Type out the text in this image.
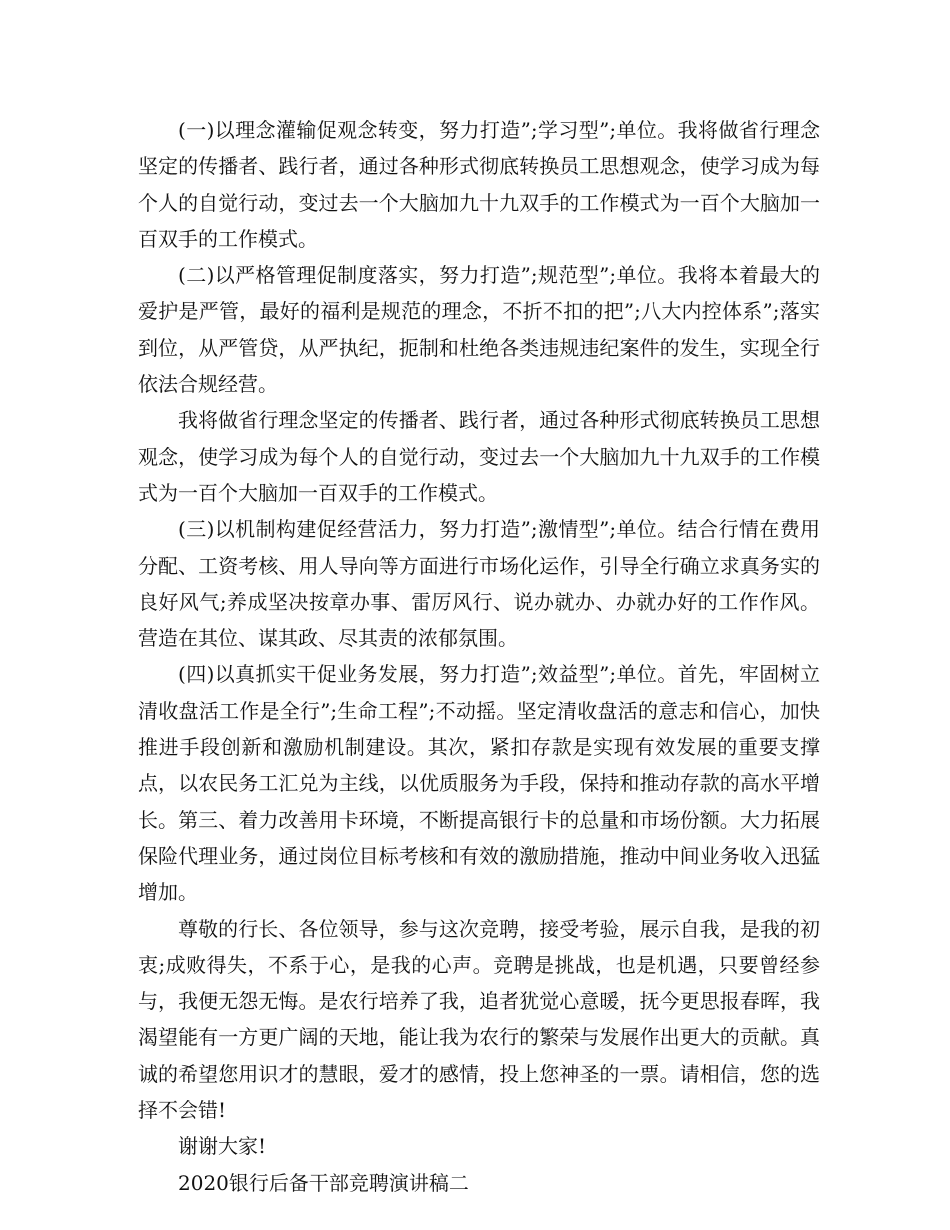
(一)以理念灌输促观念转变，努力打造”;学习型”;单位。我将做省行理念坚定的传播者、践行者，通过各种形式彻底转换员工思想观念，使学习成为每个人的自觉行动，变过去一个大脑加九十九双手的工作模式为一百个大脑加一百双手的工作模式。

(二)以严格管理促制度落实，努力打造”;规范型”;单位。我将本着最大的爱护是严管，最好的福利是规范的理念，不折不扣的把”;八大内控体系”;落实到位，从严管贷，从严执纪，扼制和杜绝各类违规违纪案件的发生，实现全行依法合规经营。

我将做省行理念坚定的传播者、践行者，通过各种形式彻底转换员工思想观念，使学习成为每个人的自觉行动，变过去一个大脑加九十九双手的工作模式为一百个大脑加一百双手的工作模式。

(三)以机制构建促经营活力，努力打造”;激情型”;单位。结合行情在费用分配、工资考核、用人导向等方面进行市场化运作，引导全行确立求真务实的良好风气;养成坚决按章办事、雷厉风行、说办就办、办就办好的工作作风。营造在其位、谋其政、尽其责的浓郁氛围。

(四)以真抓实干促业务发展，努力打造”;效益型”;单位。首先，牢固树立清收盘活工作是全行”;生命工程”;不动摇。坚定清收盘活的意志和信心，加快推进手段创新和激励机制建设。其次，紧扣存款是实现有效发展的重要支撑点，以农民务工汇兑为主线，以优质服务为手段，保持和推动存款的高水平增长。第三、着力改善用卡环境，不断提高银行卡的总量和市场份额。大力拓展保险代理业务，通过岗位目标考核和有效的激励措施，推动中间业务收入迅猛增加。

尊敬的行长、各位领导，参与这次竞聘，接受考验，展示自我，是我的初衷;成败得失，不系于心，是我的心声。竞聘是挑战，也是机遇，只要曾经参与，我便无怨无悔。是农行培养了我，追者犹觉心意暖，抚今更思报春晖，我渴望能有一方更广阔的天地，能让我为农行的繁荣与发展作出更大的贡献。真诚的希望您用识才的慧眼，爱才的感情，投上您神圣的一票。请相信，您的选择不会错!

谢谢大家!

2020银行后备干部竞聘演讲稿二
